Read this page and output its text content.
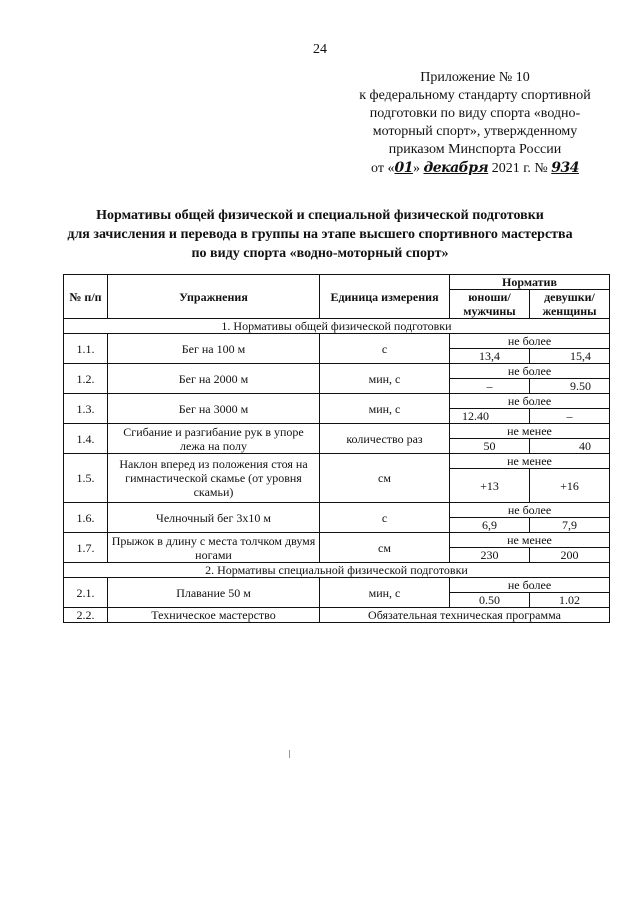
24
Приложение № 10
к федеральному стандарту спортивной
подготовки по виду спорта «водно-
моторный спорт», утвержденному
приказом Минспорта России
от «01» декабря 2021 г. № 934
Нормативы общей физической и специальной физической подготовки
для зачисления и перевода в группы на этапе высшего спортивного мастерства
по виду спорта «водно-моторный спорт»
№ п/п	Упражнения	Единица измерения	Норматив	
			юноши/ мужчины	девушки/ женщины
1. Нормативы общей физической подготовки				
1.1.	Бег на 100 м	с	не более	
			13,4	15,4
1.2.	Бег на 2000 м	мин, с	не более	
			–	9.50
1.3.	Бег на 3000 м	мин, с	не более	
			12.40	–
1.4.	Сгибание и разгибание рук в упоре лежа на полу	количество раз	не менее	
			50	40
1.5.	Наклон вперед из положения стоя на гимнастической скамье (от уровня скамьи)	см	не менее	
			+13	+16
1.6.	Челночный бег 3х10 м	с	не более	
			6,9	7,9
1.7.	Прыжок в длину с места толчком двумя ногами	см	не менее	
			230	200
2. Нормативы специальной физической подготовки				
2.1.	Плавание 50 м	мин, с	не более	
			0.50	1.02
2.2.	Техническое мастерство	Обязательная техническая программа		
